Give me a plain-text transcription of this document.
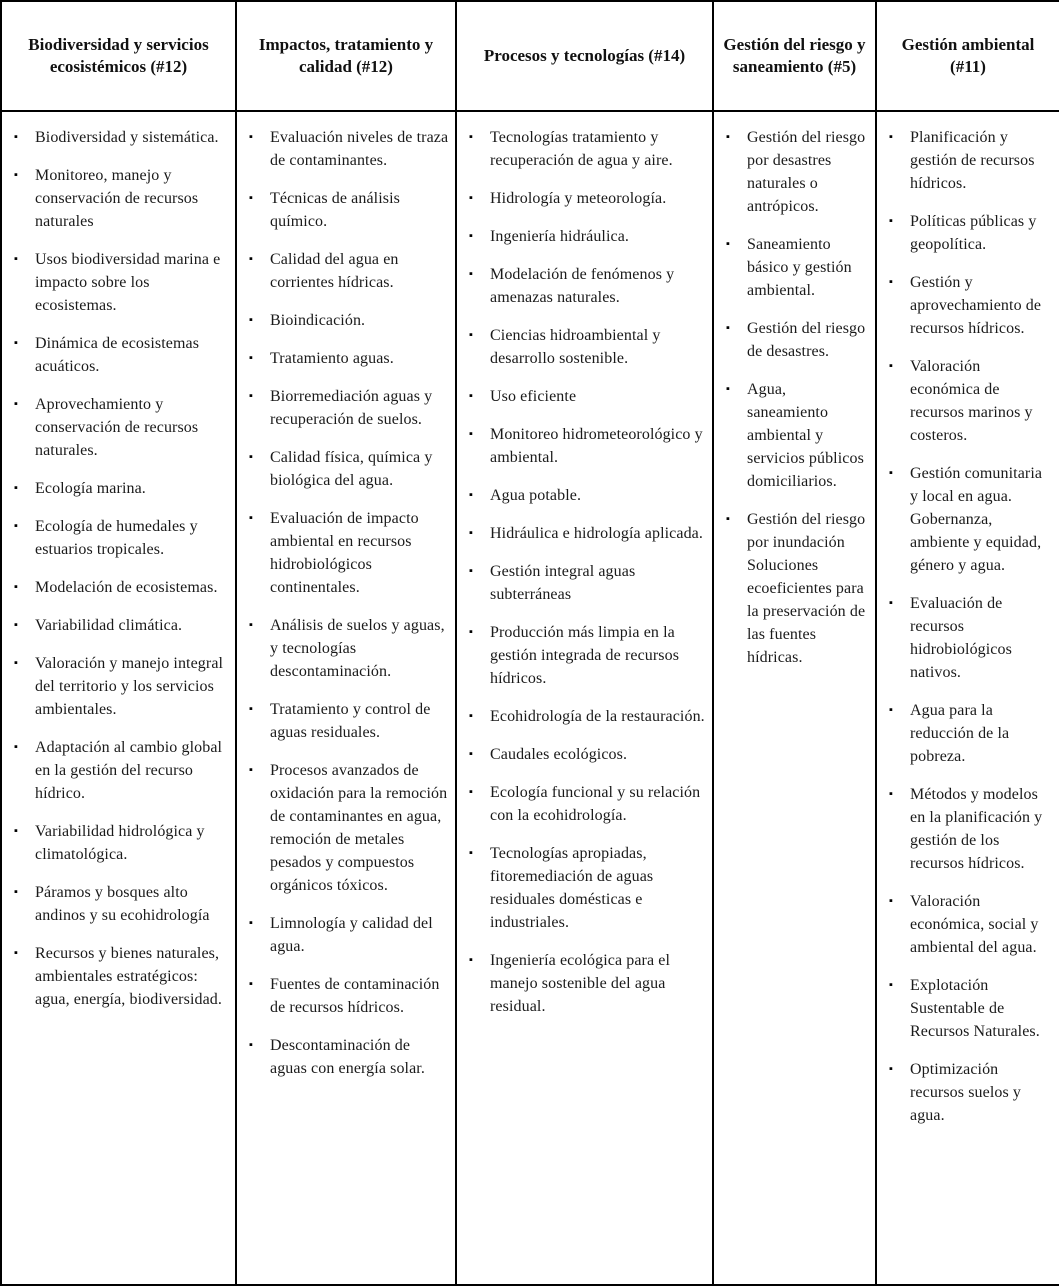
Biodiversidad y servicios ecosistémicos (#12)	Impactos, tratamiento y calidad (#12)	Procesos y tecnologías (#14)	Gestión del riesgo y saneamiento (#5)	Gestión ambiental (#11)

▪	Biodiversidad y sistemática.
▪	Monitoreo, manejo y conservación de recursos naturales
▪	Usos biodiversidad marina e impacto sobre los ecosistemas.
▪	Dinámica de ecosistemas acuáticos.
▪	Aprovechamiento y conservación de recursos naturales.
▪	Ecología marina.
▪	Ecología de humedales y estuarios tropicales.
▪	Modelación de ecosistemas.
▪	Variabilidad climática.
▪	Valoración y manejo integral del territorio y los servicios ambientales.
▪	Adaptación al cambio global en la gestión del recurso hídrico.
▪	Variabilidad hidrológica y climatológica.
▪	Páramos y bosques alto andinos y su ecohidrología
▪	Recursos y bienes naturales, ambientales estratégicos: agua, energía, biodiversidad.

▪	Evaluación niveles de traza de contaminantes.
▪	Técnicas de análisis químico.
▪	Calidad del agua en corrientes hídricas.
▪	Bioindicación.
▪	Tratamiento aguas.
▪	Biorremediación aguas y recuperación de suelos.
▪	Calidad física, química y biológica del agua.
▪	Evaluación de impacto ambiental en recursos hidrobiológicos continentales.
▪	Análisis de suelos y aguas, y tecnologías descontaminación.
▪	Tratamiento y control de aguas residuales.
▪	Procesos avanzados de oxidación para la remoción de contaminantes en agua, remoción de metales pesados y compuestos orgánicos tóxicos.
▪	Limnología y calidad del agua.
▪	Fuentes de contaminación de recursos hídricos.
▪	Descontaminación de aguas con energía solar.

▪	Tecnologías tratamiento y recuperación de agua y aire.
▪	Hidrología y meteorología.
▪	Ingeniería hidráulica.
▪	Modelación de fenómenos y amenazas naturales.
▪	Ciencias hidroambiental y desarrollo sostenible.
▪	Uso eficiente
▪	Monitoreo hidrometeorológico y ambiental.
▪	Agua potable.
▪	Hidráulica e hidrología aplicada.
▪	Gestión integral aguas subterráneas
▪	Producción más limpia en la gestión integrada de recursos hídricos.
▪	Ecohidrología de la restauración.
▪	Caudales ecológicos.
▪	Ecología funcional y su relación con la ecohidrología.
▪	Tecnologías apropiadas, fitoremediación de aguas residuales domésticas e industriales.
▪	Ingeniería ecológica para el manejo sostenible del agua residual.

▪	Gestión del riesgo por desastres naturales o antrópicos.
▪	Saneamiento básico y gestión ambiental.
▪	Gestión del riesgo de desastres.
▪	Agua, saneamiento ambiental y servicios públicos domiciliarios.
▪	Gestión del riesgo por inundación Soluciones ecoeficientes para la preservación de las fuentes hídricas.

▪	Planificación y gestión de recursos hídricos.
▪	Políticas públicas y geopolítica.
▪	Gestión y aprovechamiento de recursos hídricos.
▪	Valoración económica de recursos marinos y costeros.
▪	Gestión comunitaria y local en agua. Gobernanza, ambiente y equidad, género y agua.
▪	Evaluación de recursos hidrobiológicos nativos.
▪	Agua para la reducción de la pobreza.
▪	Métodos y modelos en la planificación y gestión de los recursos hídricos.
▪	Valoración económica, social y ambiental del agua.
▪	Explotación Sustentable de Recursos Naturales.
▪	Optimización recursos suelos y agua.
